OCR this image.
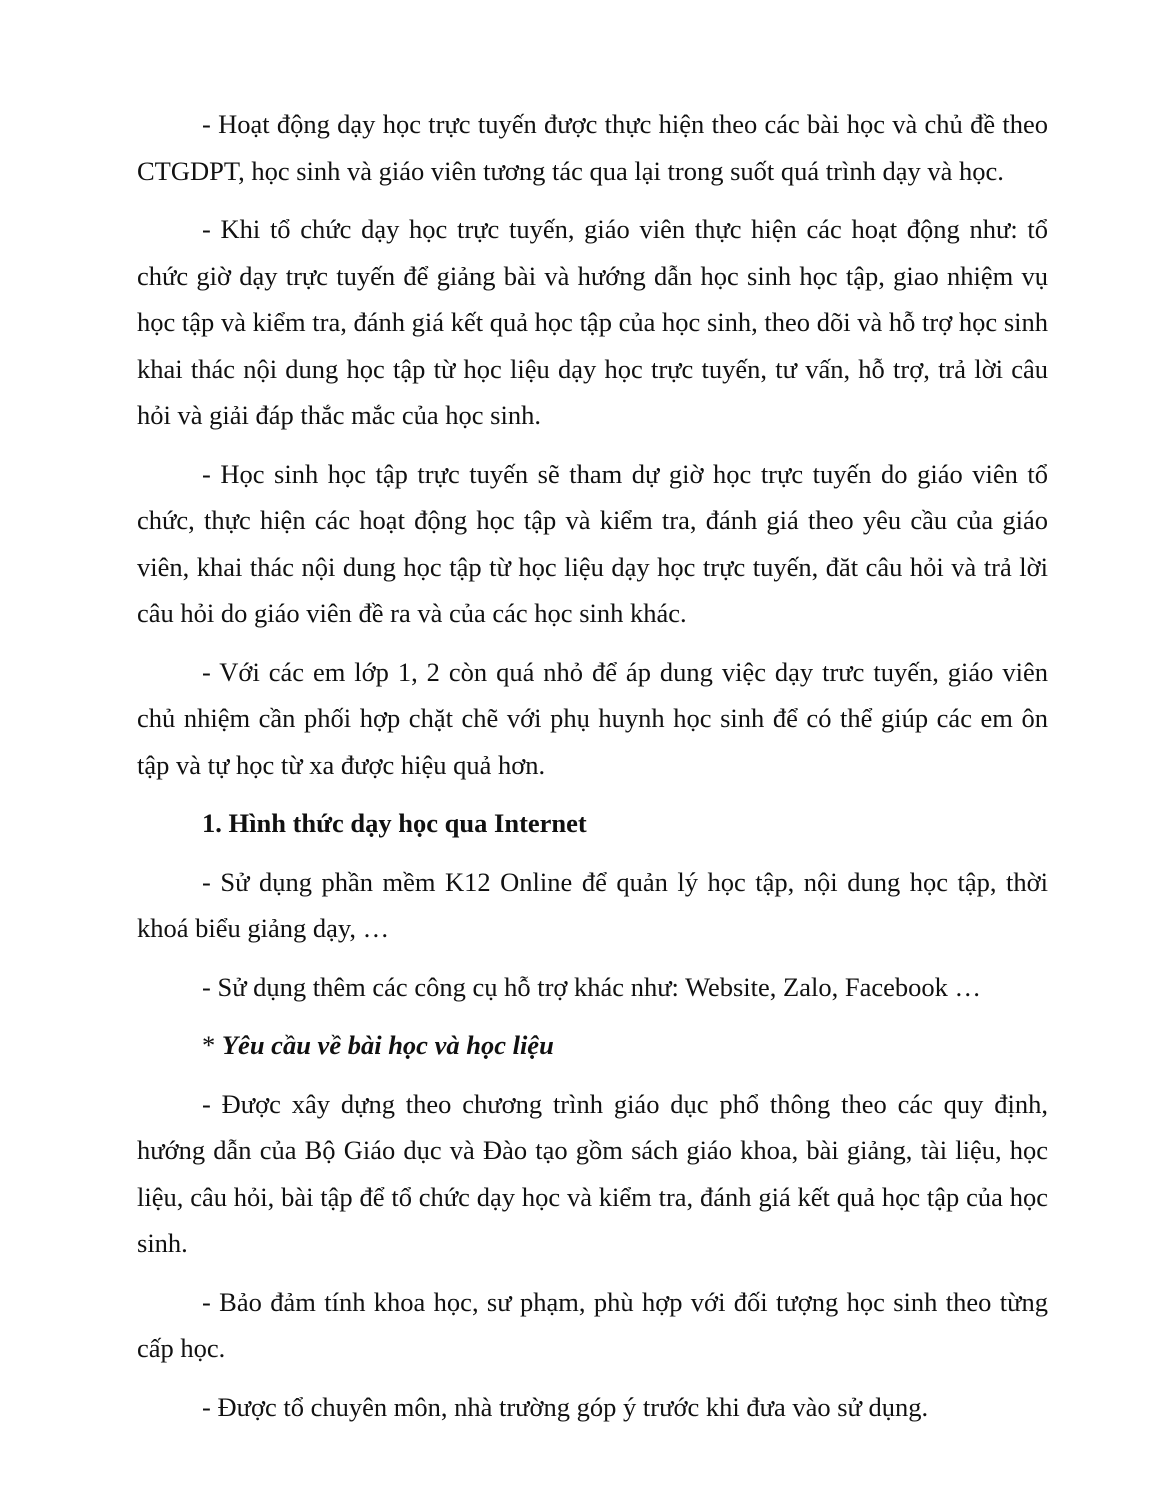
- Hoạt động dạy học trực tuyến được thực hiện theo các bài học và chủ đề theo CTGDPT, học sinh và giáo viên tương tác qua lại trong suốt quá trình dạy và học.

- Khi tổ chức dạy học trực tuyến, giáo viên thực hiện các hoạt động như: tổ chức giờ dạy trực tuyến để giảng bài và hướng dẫn học sinh học tập, giao nhiệm vụ học tập và kiểm tra, đánh giá kết quả học tập của học sinh, theo dõi và hỗ trợ học sinh khai thác nội dung học tập từ học liệu dạy học trực tuyến, tư vấn, hỗ trợ, trả lời câu hỏi và giải đáp thắc mắc của học sinh.

- Học sinh học tập trực tuyến sẽ tham dự giờ học trực tuyến do giáo viên tổ chức, thực hiện các hoạt động học tập và kiểm tra, đánh giá theo yêu cầu của giáo viên, khai thác nội dung học tập từ học liệu dạy học trực tuyến, đăt câu hỏi và trả lời câu hỏi do giáo viên đề ra và của các học sinh khác.

- Với các em lớp 1, 2 còn quá nhỏ để áp dung việc dạy trưc tuyến, giáo viên chủ nhiệm cần phối hợp chặt chẽ với phụ huynh học sinh để có thể giúp các em ôn tập và tự học từ xa được hiệu quả hơn.

1. Hình thức dạy học qua Internet

- Sử dụng phần mềm K12 Online để quản lý học tập, nội dung học tập, thời khoá biểu giảng dạy, …

- Sử dụng thêm các công cụ hỗ trợ khác như: Website, Zalo, Facebook …

* Yêu cầu về bài học và học liệu

- Được xây dựng theo chương trình giáo dục phổ thông theo các quy định, hướng dẫn của Bộ Giáo dục và Đào tạo gồm sách giáo khoa, bài giảng, tài liệu, học liệu, câu hỏi, bài tập để tổ chức dạy học và kiểm tra, đánh giá kết quả học tập của học sinh.

- Bảo đảm tính khoa học, sư phạm, phù hợp với đối tượng học sinh theo từng cấp học.

- Được tổ chuyên môn, nhà trường góp ý trước khi đưa vào sử dụng.
